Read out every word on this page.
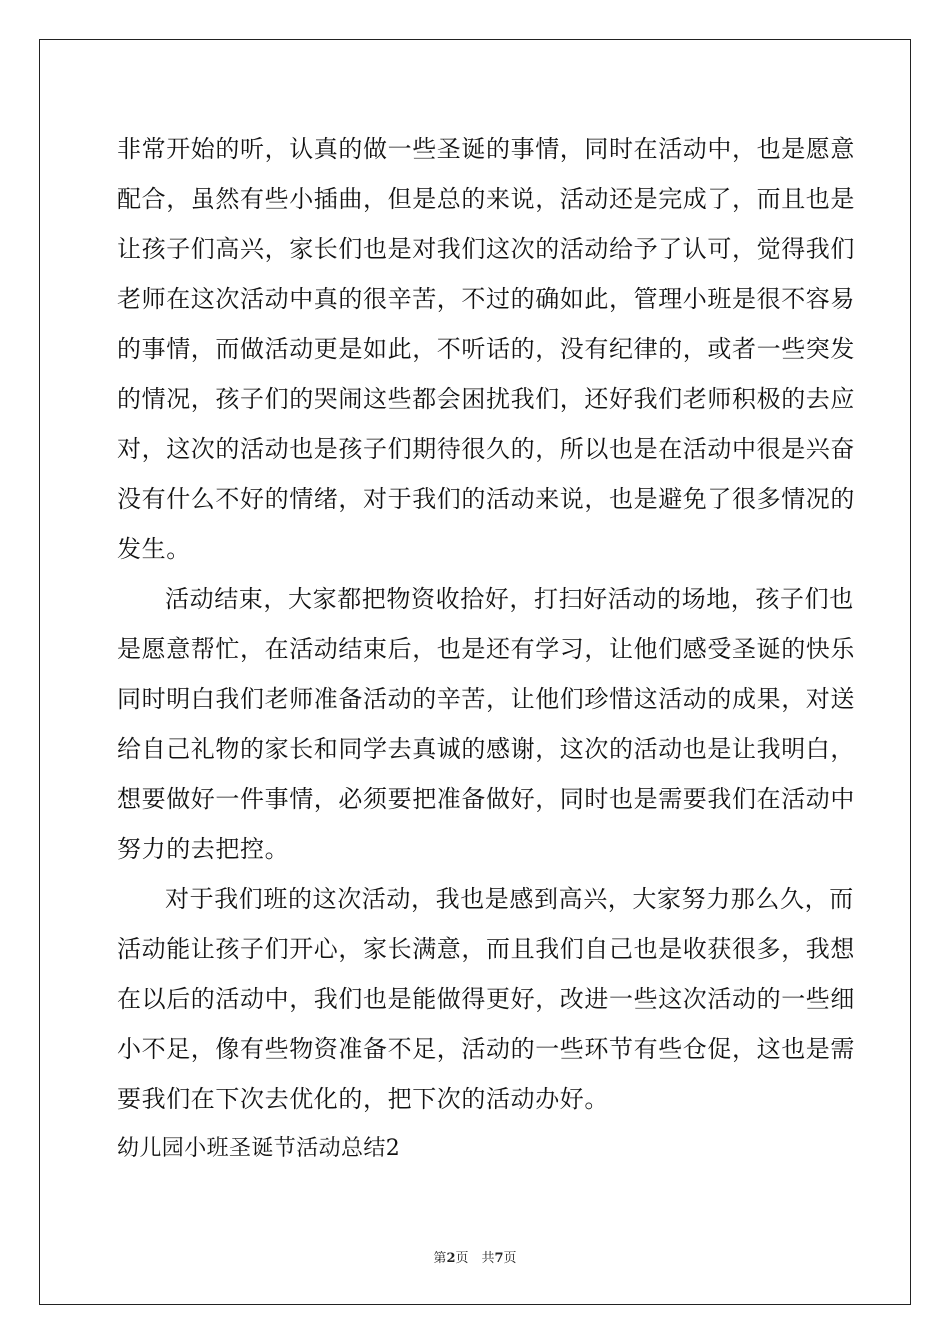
非常开始的听，认真的做一些圣诞的事情，同时在活动中，也是愿意
配合，虽然有些小插曲，但是总的来说，活动还是完成了，而且也是
让孩子们高兴，家长们也是对我们这次的活动给予了认可，觉得我们
老师在这次活动中真的很辛苦，不过的确如此，管理小班是很不容易
的事情，而做活动更是如此，不听话的，没有纪律的，或者一些突发
的情况，孩子们的哭闹这些都会困扰我们，还好我们老师积极的去应
对，这次的活动也是孩子们期待很久的，所以也是在活动中很是兴奋
没有什么不好的情绪，对于我们的活动来说，也是避免了很多情况的
发生。
活动结束，大家都把物资收拾好，打扫好活动的场地，孩子们也
是愿意帮忙，在活动结束后，也是还有学习，让他们感受圣诞的快乐
同时明白我们老师准备活动的辛苦，让他们珍惜这活动的成果，对送
给自己礼物的家长和同学去真诚的感谢，这次的活动也是让我明白，
想要做好一件事情，必须要把准备做好，同时也是需要我们在活动中
努力的去把控。
对于我们班的这次活动，我也是感到高兴，大家努力那么久，而
活动能让孩子们开心，家长满意，而且我们自己也是收获很多，我想
在以后的活动中，我们也是能做得更好，改进一些这次活动的一些细
小不足，像有些物资准备不足，活动的一些环节有些仓促，这也是需
要我们在下次去优化的，把下次的活动办好。
幼儿园小班圣诞节活动总结2
第2页　共7页
